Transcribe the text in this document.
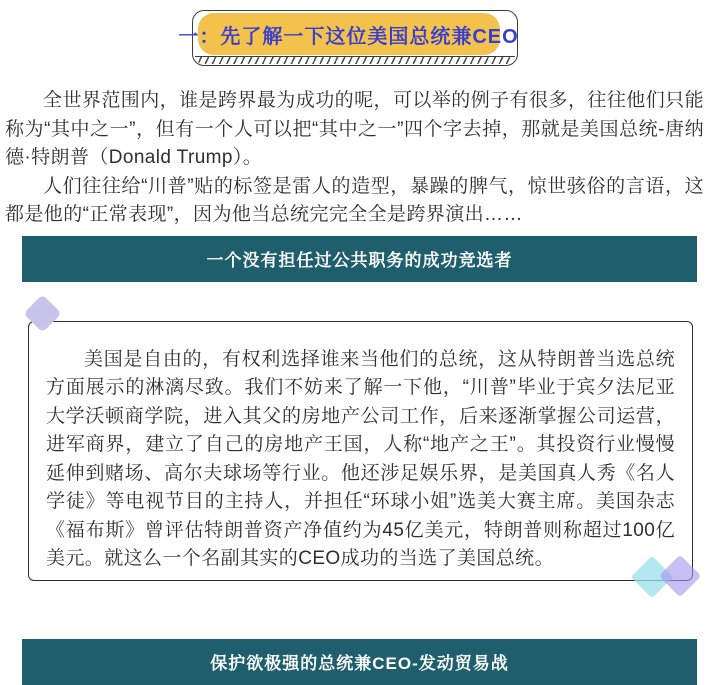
一：先了解一下这位美国总统兼CEO

全世界范围内，谁是跨界最为成功的呢，可以举的例子有很多，往往他们只能称为“其中之一”，但有一个人可以把“其中之一”四个字去掉，那就是美国总统-唐纳德·特朗普（Donald Trump）。

人们往往给“川普”贴的标签是雷人的造型，暴躁的脾气，惊世骇俗的言语，这都是他的“正常表现”，因为他当总统完完全全是跨界演出……

一个没有担任过公共职务的成功竞选者

美国是自由的，有权利选择谁来当他们的总统，这从特朗普当选总统方面展示的淋漓尽致。我们不妨来了解一下他，“川普”毕业于宾夕法尼亚大学沃顿商学院，进入其父的房地产公司工作，后来逐渐掌握公司运营，进军商界，建立了自己的房地产王国，人称“地产之王”。其投资行业慢慢延伸到赌场、高尔夫球场等行业。他还涉足娱乐界，是美国真人秀《名人学徒》等电视节目的主持人，并担任“环球小姐”选美大赛主席。美国杂志《福布斯》曾评估特朗普资产净值约为45亿美元，特朗普则称超过100亿美元。就这么一个名副其实的CEO成功的当选了美国总统。

保护欲极强的总统兼CEO-发动贸易战
